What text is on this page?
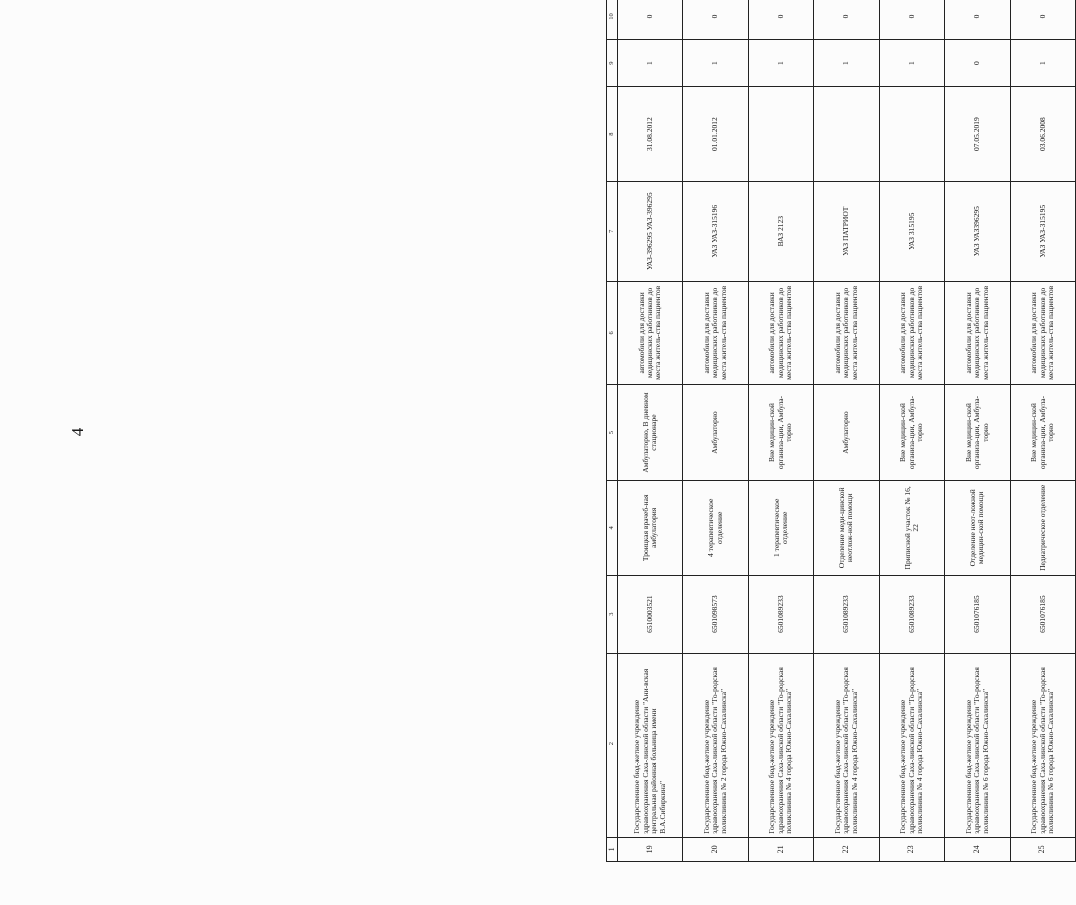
4
1	2	3	4	5	6	7	8	9	10			
19	Государственное бюд-жетное учреждение здравоохранения Саха-линской области "Ани-вская центральная районная больница имени В.А.Сибиркина"	6510003521	Троицкая врачеб-ная амбулатория	Амбулаторно, В дневном стационаре	автомобили для доставки медицинских работников до места житель-ства пациентов	УАЗ-396295 УАЗ-396295	31.08.2012	1	0			
20	Государственное бюд-жетное учреждение здравоохранения Саха-линской области "Го-родская поликлиника № 2 города Южно-Сахалинска"	6501098573	4 терапевтическое отделение	Амбулаторно	автомобили для доставки медицинских работников до места житель-ства пациентов	УАЗ УАЗ-315196	01.01.2012	1	0			
21	Государственное бюд-жетное учреждение здравоохранения Саха-линской области "Го-родская поликлиника № 4 города Южно-Сахалинска"	6501089233	1 терапевтическое отделение	Вне медицин-ской организа-ции, Амбула-торно	автомобили для доставки медицинских работников до места житель-ства пациентов	ВАЗ 2123		1	0			
22	Государственное бюд-жетное учреждение здравоохранения Саха-линской области "Го-родская поликлиника № 4 города Южно-Сахалинска"	6501089233	Отделение меди-цинской неотлож-ной помощи	Амбулаторно	автомобили для доставки медицинских работников до места житель-ства пациентов	УАЗ ПАТРИОТ		1	0			
23	Государственное бюд-жетное учреждение здравоохранения Саха-линской области "Го-родская поликлиника № 4 города Южно-Сахалинска"	6501089233	Приписной участок № 16, 22	Вне медицин-ской организа-ции, Амбула-торно	автомобили для доставки медицинских работников до места житель-ства пациентов	УАЗ 315195		1	0			
24	Государственное бюд-жетное учреждение здравоохранения Саха-линской области "Го-родская поликлиника № 6 города Южно-Сахалинска"	6501076185	Отделение неот-ложной медицин-ской помощи	Вне медицин-ской организа-ции, Амбула-торно	автомобили для доставки медицинских работников до места житель-ства пациентов	УАЗ УАЗ396295	07.05.2019	0	0			
25	Государственное бюд-жетное учреждение здравоохранения Саха-линской области "Го-родская поликлиника № 6 города Южно-Сахалинска"	6501076185	Педиатрическое отделение	Вне медицин-ской организа-ции, Амбула-торно	автомобили для доставки медицинских работников до места житель-ства пациентов	УАЗ УАЗ-315195	03.06.2008	1	0			
